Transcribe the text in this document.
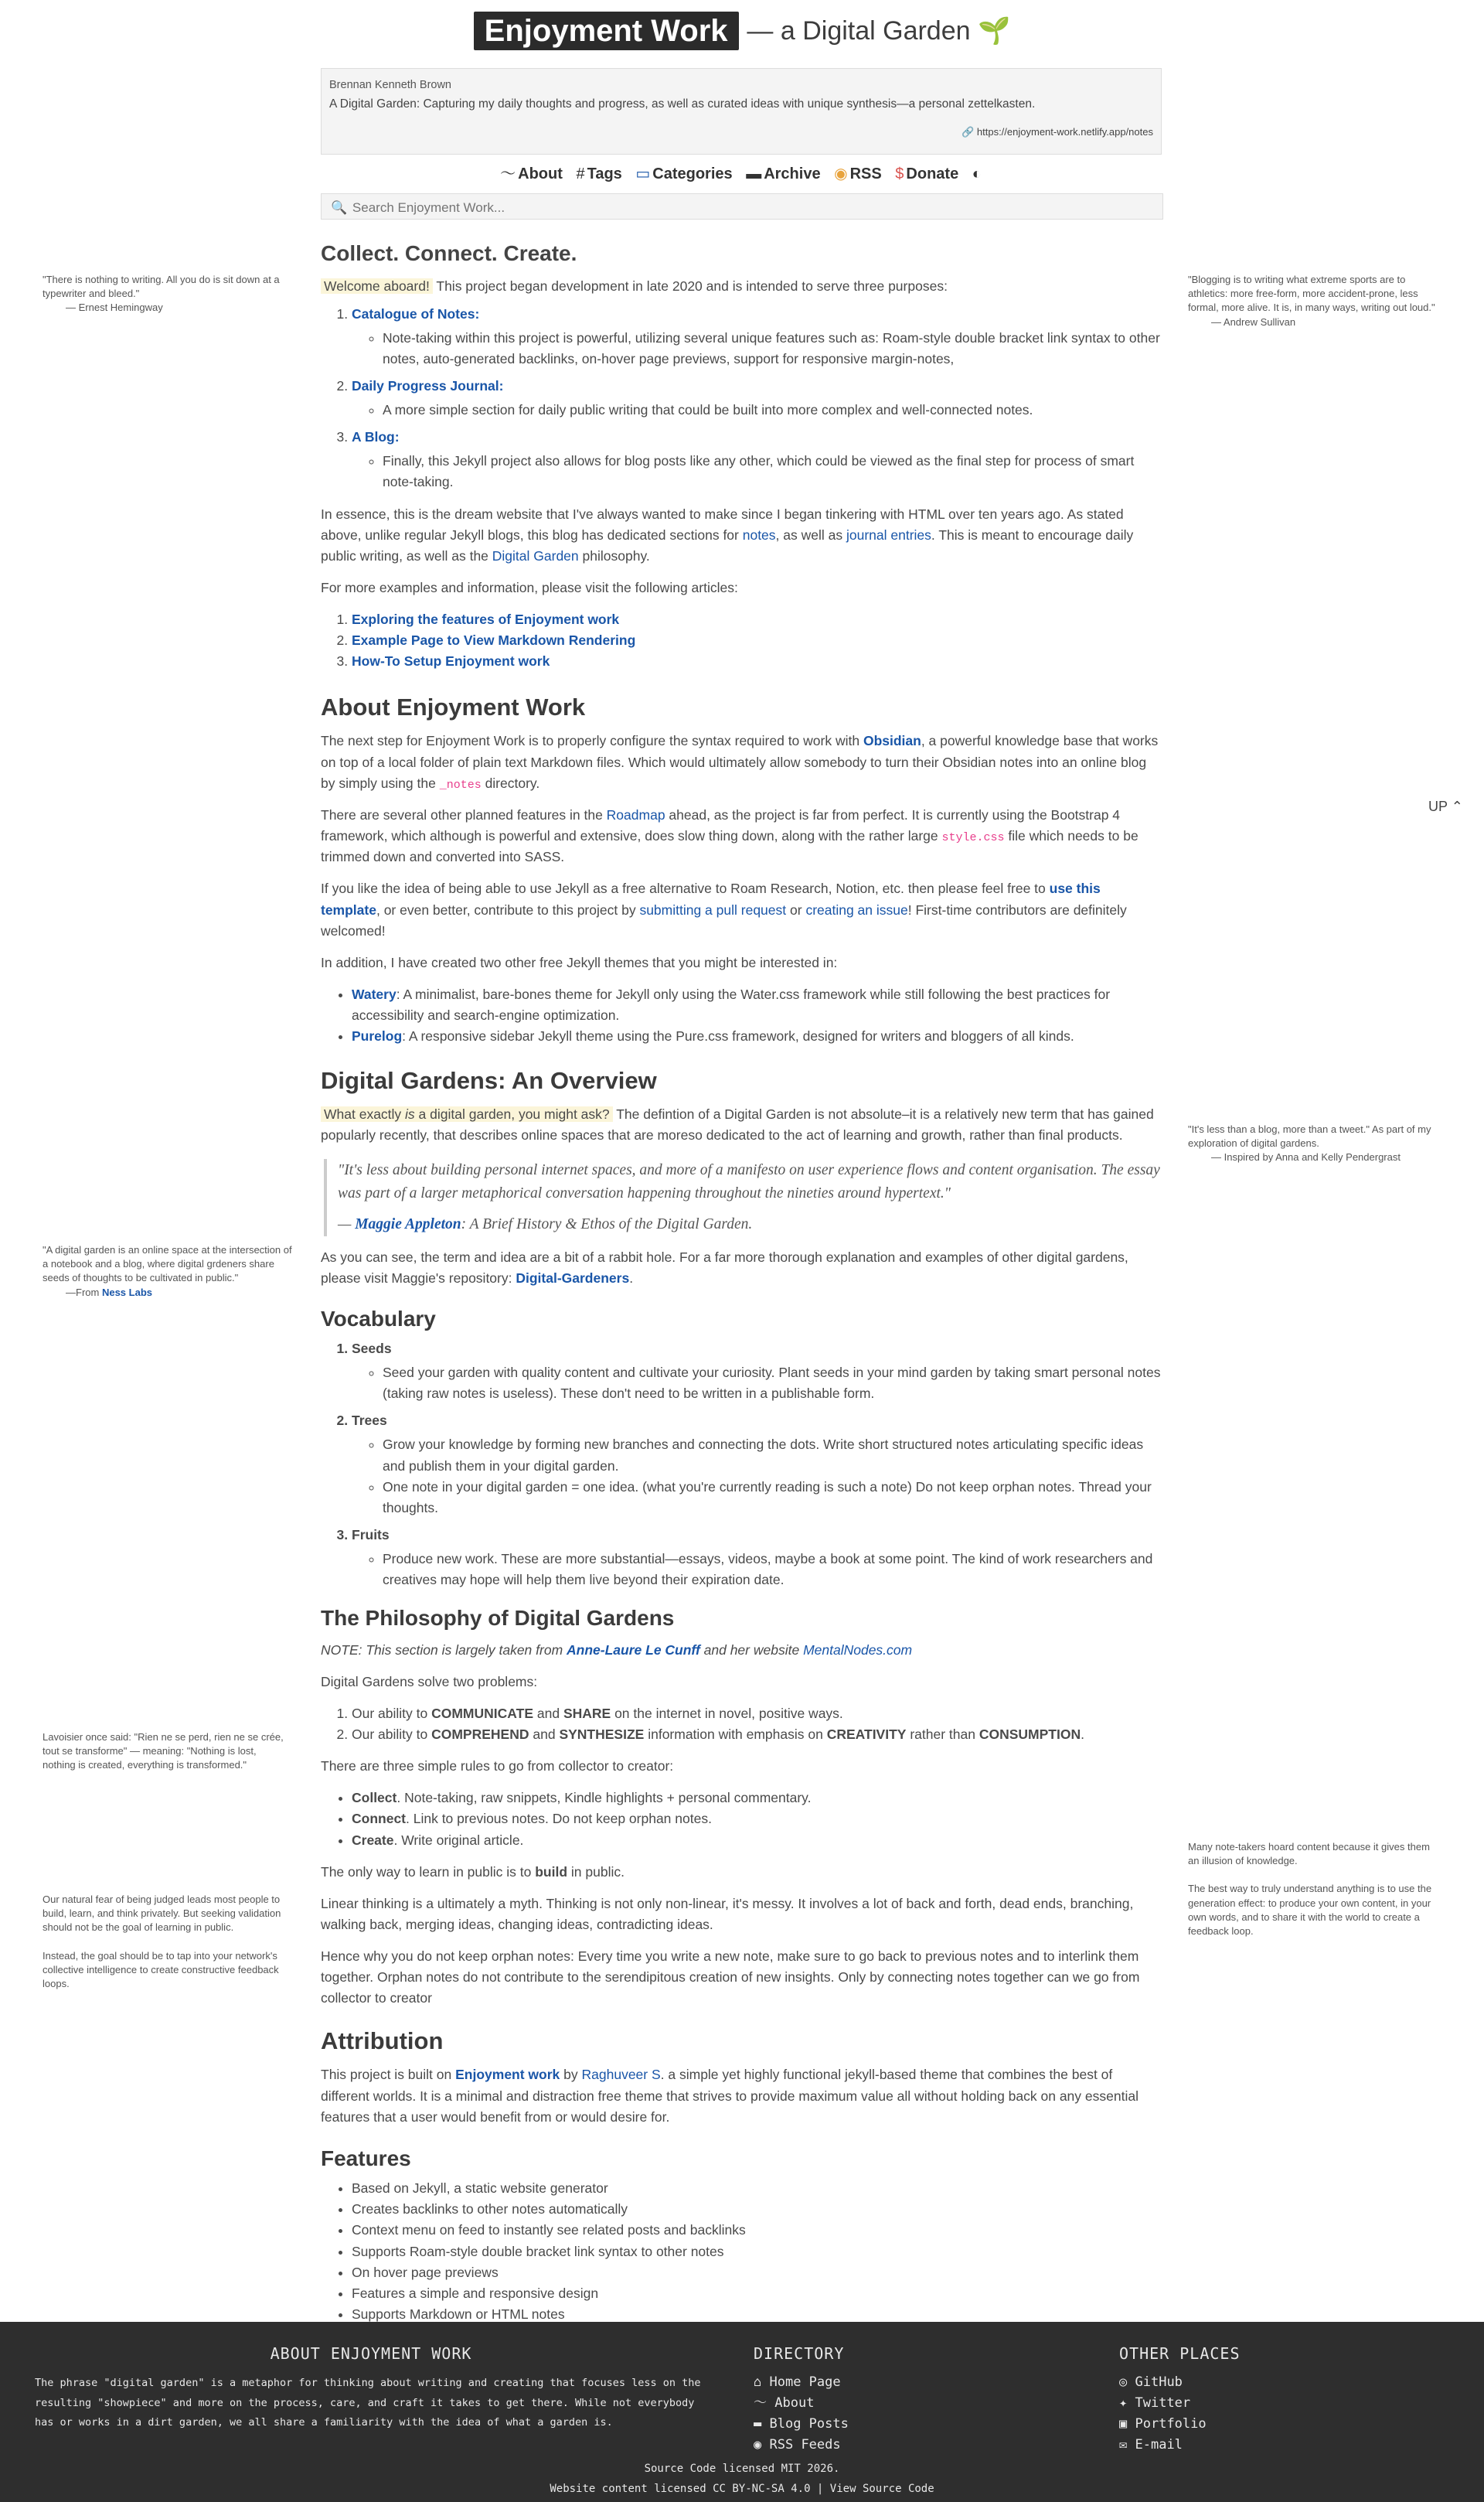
Enjoyment Work — a Digital Garden 🌱
Brennan Kenneth Brown
A Digital Garden: Capturing my daily thoughts and progress, as well as curated ideas with unique synthesis—a personal zettelkasten.
🔗 https://enjoyment-work.netlify.app/notes
〜 About # Tags ▭ Categories ▬ Archive ◉ RSS $ Donate ◐
🔍 Search Enjoyment Work...
"There is nothing to writing. All you do is sit down at a typewriter and bleed."
— Ernest Hemingway
"Blogging is to writing what extreme sports are to athletics: more free-form, more accident-prone, less formal, more alive. It is, in many ways, writing out loud."
— Andrew Sullivan
"It's less than a blog, more than a tweet." As part of my exploration of digital gardens.
— Inspired by Anna and Kelly Pendergrast
"A digital garden is an online space at the intersection of a notebook and a blog, where digital grdeners share seeds of thoughts to be cultivated in public."
—From Ness Labs
Lavoisier once said: "Rien ne se perd, rien ne se crée, tout se transforme" — meaning: "Nothing is lost, nothing is created, everything is transformed."
Many note-takers hoard content because it gives them an illusion of knowledge.
The best way to truly understand anything is to use the generation effect: to produce your own content, in your own words, and to share it with the world to create a feedback loop.
Our natural fear of being judged leads most people to build, learn, and think privately. But seeking validation should not be the goal of learning in public.
Instead, the goal should be to tap into your network's collective intelligence to create constructive feedback loops.
UP ⌃
Collect. Connect. Create.

Welcome aboard! This project began development in late 2020 and is intended to serve three purposes:

1. Catalogue of Notes:
◦ Note-taking within this project is powerful, utilizing several unique features such as: Roam-style double bracket link syntax to other notes, auto-generated backlinks, on-hover page previews, support for responsive margin-notes,
2. Daily Progress Journal:
◦ A more simple section for daily public writing that could be built into more complex and well-connected notes.
3. A Blog:
◦ Finally, this Jekyll project also allows for blog posts like any other, which could be viewed as the final step for process of smart note-taking.

In essence, this is the dream website that I've always wanted to make since I began tinkering with HTML over ten years ago. As stated above, unlike regular Jekyll blogs, this blog has dedicated sections for notes, as well as journal entries. This is meant to encourage daily public writing, as well as the Digital Garden philosophy.

For more examples and information, please visit the following articles:

1. Exploring the features of Enjoyment work
2. Example Page to View Markdown Rendering
3. How-To Setup Enjoyment work
About Enjoyment Work

The next step for Enjoyment Work is to properly configure the syntax required to work with Obsidian, a powerful knowledge base that works on top of a local folder of plain text Markdown files. Which would ultimately allow somebody to turn their Obsidian notes into an online blog by simply using the _notes directory.

There are several other planned features in the Roadmap ahead, as the project is far from perfect. It is currently using the Bootstrap 4 framework, which although is powerful and extensive, does slow thing down, along with the rather large style.css file which needs to be trimmed down and converted into SASS.

If you like the idea of being able to use Jekyll as a free alternative to Roam Research, Notion, etc. then please feel free to use this template, or even better, contribute to this project by submitting a pull request or creating an issue! First-time contributors are definitely welcomed!

In addition, I have created two other free Jekyll themes that you might be interested in:

• Watery: A minimalist, bare-bones theme for Jekyll only using the Water.css framework while still following the best practices for accessibility and search-engine optimization.
• Purelog: A responsive sidebar Jekyll theme using the Pure.css framework, designed for writers and bloggers of all kinds.
Digital Gardens: An Overview

What exactly is a digital garden, you might ask? The defintion of a Digital Garden is not absolute–it is a relatively new term that has gained popularly recently, that describes online spaces that are moreso dedicated to the act of learning and growth, rather than final products.

"It's less about building personal internet spaces, and more of a manifesto on user experience flows and content organisation. The essay was part of a larger metaphorical conversation happening throughout the nineties around hypertext."
— Maggie Appleton: A Brief History & Ethos of the Digital Garden.

As you can see, the term and idea are a bit of a rabbit hole. For a far more thorough explanation and examples of other digital gardens, please visit Maggie's repository: Digital-Gardeners.

Vocabulary
1. Seeds
◦ Seed your garden with quality content and cultivate your curiosity. Plant seeds in your mind garden by taking smart personal notes (taking raw notes is useless). These don't need to be written in a publishable form.
2. Trees
◦ Grow your knowledge by forming new branches and connecting the dots. Write short structured notes articulating specific ideas and publish them in your digital garden.
◦ One note in your digital garden = one idea. (what you're currently reading is such a note) Do not keep orphan notes. Thread your thoughts.
3. Fruits
◦ Produce new work. These are more substantial—essays, videos, maybe a book at some point. The kind of work researchers and creatives may hope will help them live beyond their expiration date.
The Philosophy of Digital Gardens

NOTE: This section is largely taken from Anne-Laure Le Cunff and her website MentalNodes.com

Digital Gardens solve two problems:

1. Our ability to COMMUNICATE and SHARE on the internet in novel, positive ways.
2. Our ability to COMPREHEND and SYNTHESIZE information with emphasis on CREATIVITY rather than CONSUMPTION.

There are three simple rules to go from collector to creator:

• Collect. Note-taking, raw snippets, Kindle highlights + personal commentary.
• Connect. Link to previous notes. Do not keep orphan notes.
• Create. Write original article.

The only way to learn in public is to build in public.

Linear thinking is a ultimately a myth. Thinking is not only non-linear, it's messy. It involves a lot of back and forth, dead ends, branching, walking back, merging ideas, changing ideas, contradicting ideas.

Hence why you do not keep orphan notes: Every time you write a new note, make sure to go back to previous notes and to interlink them together. Orphan notes do not contribute to the serendipitous creation of new insights. Only by connecting notes together can we go from collector to creator

Attribution

This project is built on Enjoyment work by Raghuveer S. a simple yet highly functional jekyll-based theme that combines the best of different worlds. It is a minimal and distraction free theme that strives to provide maximum value all without holding back on any essential features that a user would benefit from or would desire for.

Features
• Based on Jekyll, a static website generator
• Creates backlinks to other notes automatically
• Context menu on feed to instantly see related posts and backlinks
• Supports Roam-style double bracket link syntax to other notes
• On hover page previews
• Features a simple and responsive design
• Supports Markdown or HTML notes
ABOUT ENJOYMENT WORK
The phrase "digital garden" is a metaphor for thinking about writing and creating that focuses less on the resulting "showpiece" and more on the process, care, and craft it takes to get there. While not everybody has or works in a dirt garden, we all share a familiarity with the idea of what a garden is.
DIRECTORY
⌂ Home Page
〜 About
▬ Blog Posts
◉ RSS Feeds
OTHER PLACES
◎ GitHub
✦ Twitter
▣ Portfolio
✉ E-mail
Source Code licensed MIT 2026.
Website content licensed CC BY-NC-SA 4.0 | View Source Code
